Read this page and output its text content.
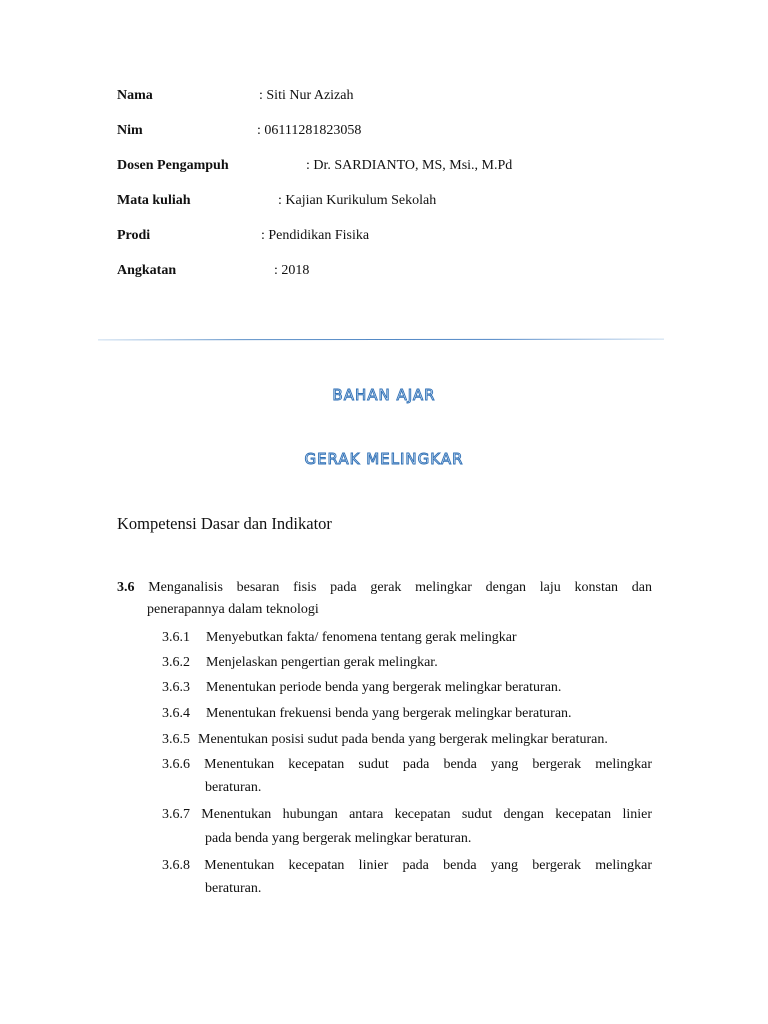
Nama	: Siti Nur Azizah
Nim	: 06111281823058
Dosen Pengampuh	: Dr. SARDIANTO, MS, Msi., M.Pd
Mata kuliah	: Kajian Kurikulum Sekolah
Prodi	: Pendidikan Fisika
Angkatan	: 2018
BAHAN AJAR
GERAK MELINGKAR
Kompetensi Dasar dan Indikator
3.6 Menganalisis besaran fisis pada gerak melingkar dengan laju konstan dan
penerapannya dalam teknologi
3.6.1 Menyebutkan fakta/ fenomena tentang gerak melingkar
3.6.2 Menjelaskan pengertian gerak melingkar.
3.6.3 Menentukan periode benda yang bergerak melingkar beraturan.
3.6.4 Menentukan frekuensi benda yang bergerak melingkar beraturan.
3.6.5 Menentukan posisi sudut pada benda yang bergerak melingkar beraturan.
3.6.6 Menentukan kecepatan sudut pada benda yang bergerak melingkar
beraturan.
3.6.7 Menentukan hubungan antara kecepatan sudut dengan kecepatan linier
pada benda yang bergerak melingkar beraturan.
3.6.8 Menentukan kecepatan linier pada benda yang bergerak melingkar
beraturan.
